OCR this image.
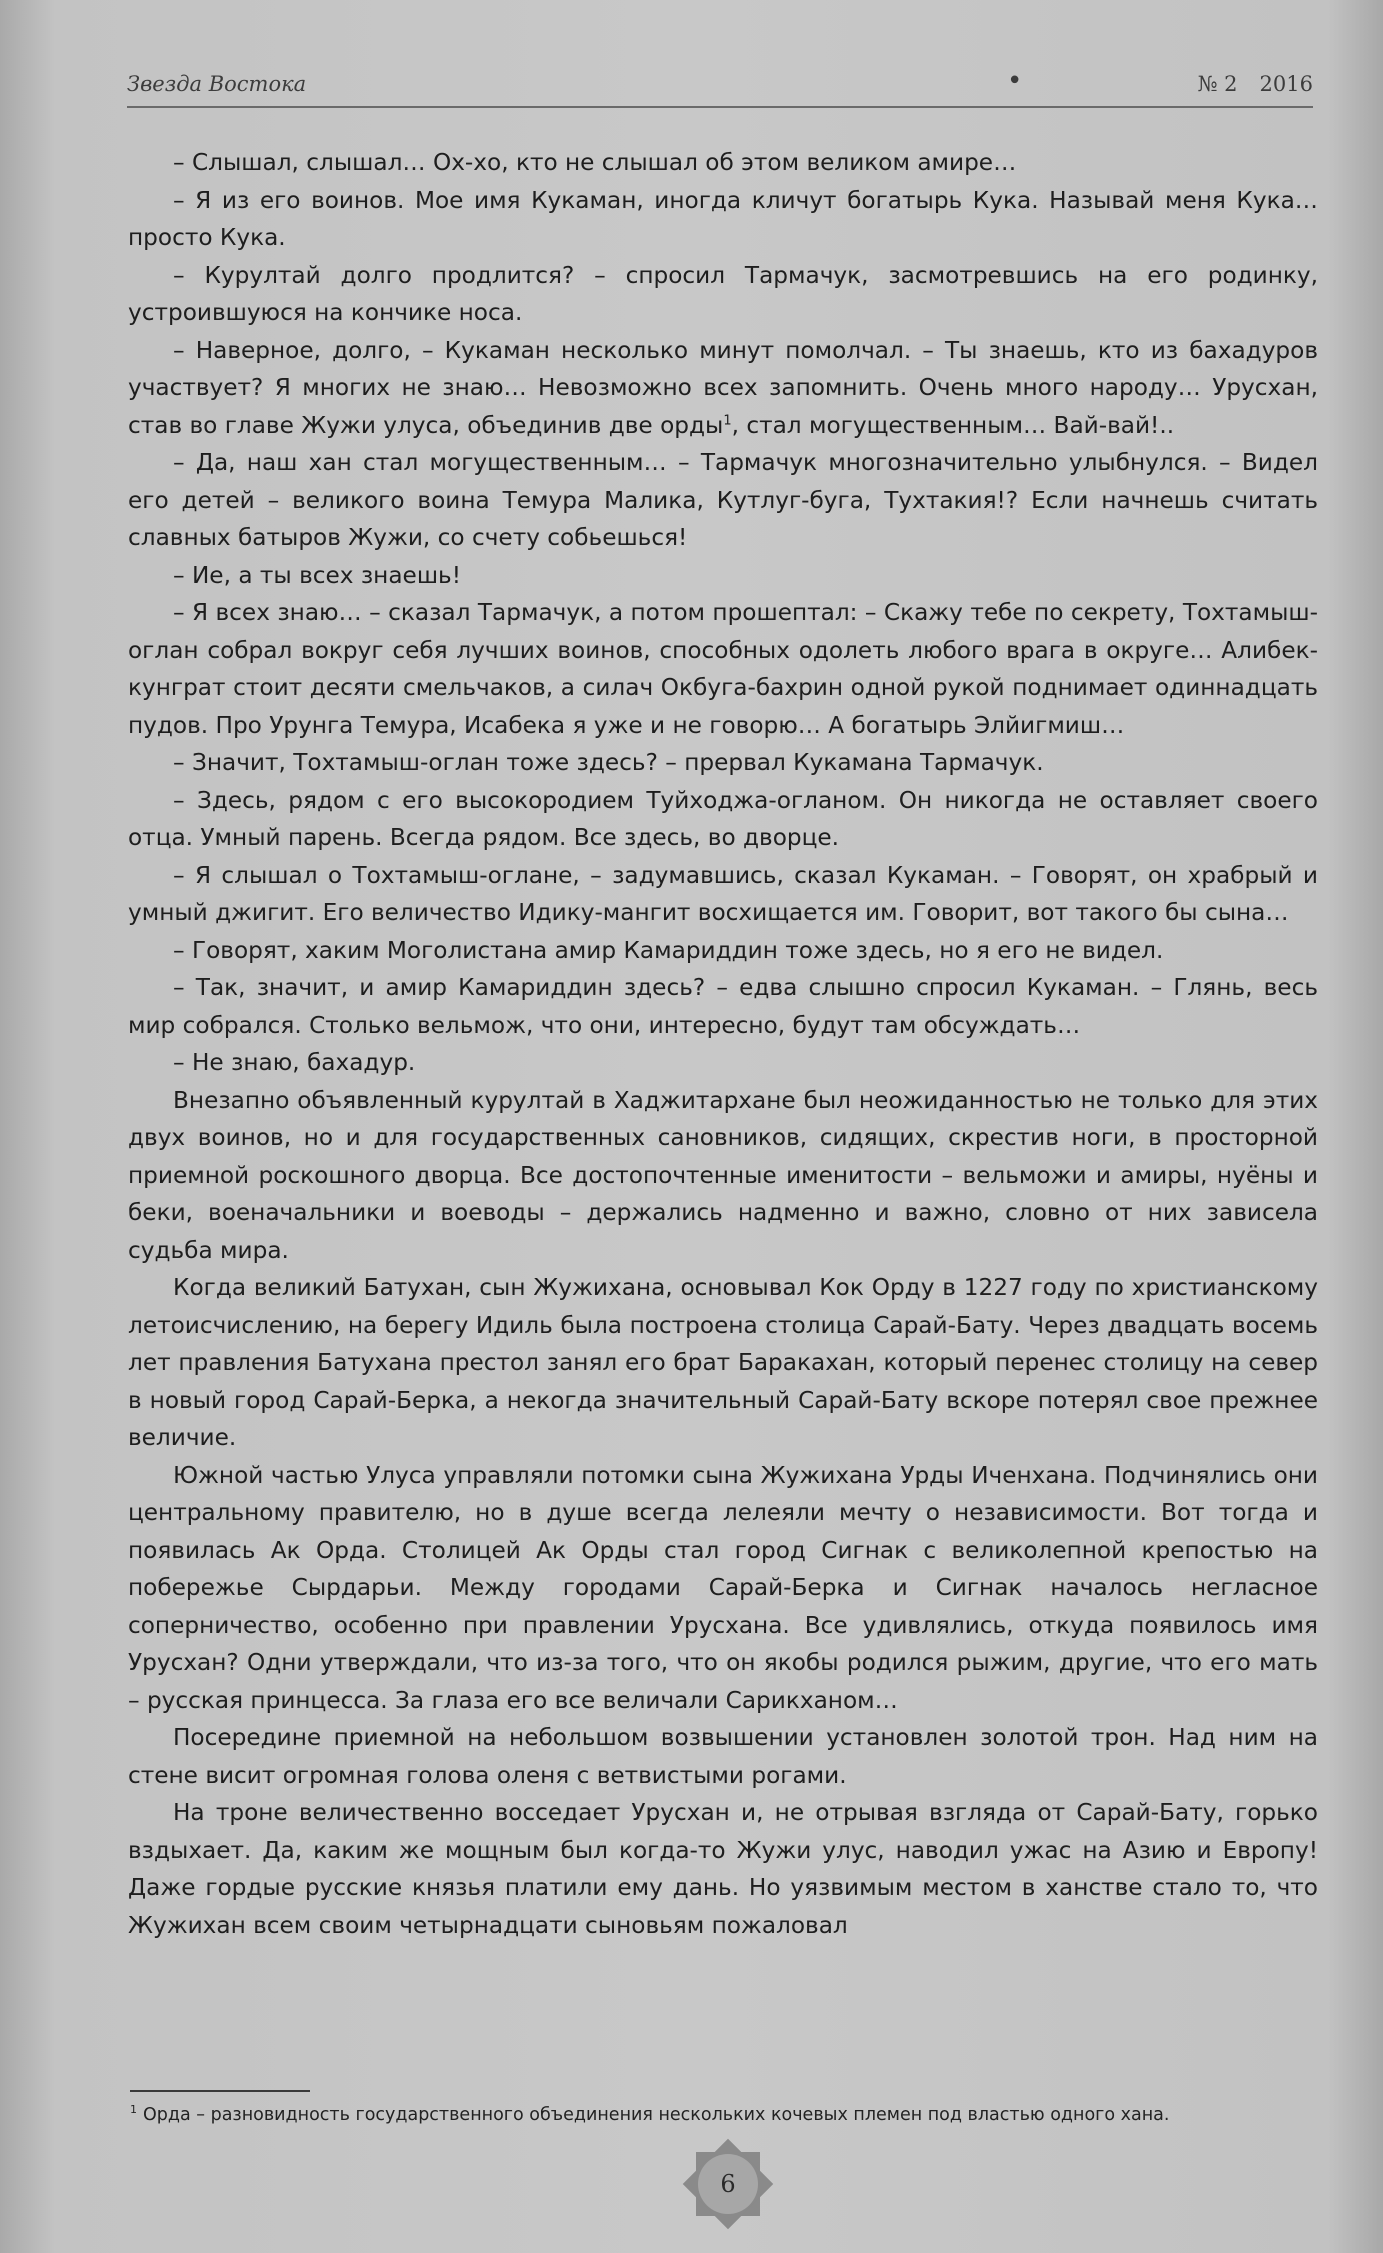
Звезда Востока	•	№ 2 2016

– Слышал, слышал… Ох-хо, кто не слышал об этом великом амире…

– Я из его воинов. Мое имя Кукаман, иногда кличут богатырь Кука. Называй меня Кука… просто Кука.

– Курултай долго продлится? – спросил Тармачук, засмотревшись на его родинку, устроившуюся на кончике носа.

– Наверное, долго, – Кукаман несколько минут помолчал. – Ты знаешь, кто из бахадуров участвует? Я многих не знаю… Невозможно всех запомнить. Очень много народу… Урусхан, став во главе Жужи улуса, объединив две орды$^1$, стал могущественным… Вай-вай!..

– Да, наш хан стал могущественным… – Тармачук многозначительно улыбнулся. – Видел его детей – великого воина Темура Малика, Кутлуг-буга, Тухтакия!? Если начнешь считать славных батыров Жужи, со счету собьешься!

– Ие, а ты всех знаешь!

– Я всех знаю… – сказал Тармачук, а потом прошептал: – Скажу тебе по секрету, Тохтамыш-оглан собрал вокруг себя лучших воинов, способных одолеть любого врага в округе… Алибек-кунграт стоит десяти смельчаков, а силач Окбуга-бахрин одной рукой поднимает одиннадцать пудов. Про Урунга Темура, Исабека я уже и не говорю… А богатырь Элйигмиш…

– Значит, Тохтамыш-оглан тоже здесь? – прервал Кукамана Тармачук.

– Здесь, рядом с его высокородием Туйходжа-огланом. Он никогда не оставляет своего отца. Умный парень. Всегда рядом. Все здесь, во дворце.

– Я слышал о Тохтамыш-оглане, – задумавшись, сказал Кукаман. – Говорят, он храбрый и умный джигит. Его величество Идику-мангит восхищается им. Говорит, вот такого бы сына…

– Говорят, хаким Моголистана амир Камариддин тоже здесь, но я его не видел.

– Так, значит, и амир Камариддин здесь? – едва слышно спросил Кукаман. – Глянь, весь мир собрался. Столько вельмож, что они, интересно, будут там обсуждать…

– Не знаю, бахадур.

Внезапно объявленный курултай в Хаджитархане был неожиданностью не только для этих двух воинов, но и для государственных сановников, сидящих, скрестив ноги, в просторной приемной роскошного дворца. Все достопочтенные именитости – вельможи и амиры, нуёны и беки, военачальники и воеводы – держались надменно и важно, словно от них зависела судьба мира.

Когда великий Батухан, сын Жужихана, основывал Кок Орду в 1227 году по христианскому летоисчислению, на берегу Идиль была построена столица Сарай-Бату. Через двадцать восемь лет правления Батухана престол занял его брат Баракахан, который перенес столицу на север в новый город Сарай-Берка, а некогда значительный Сарай-Бату вскоре потерял свое прежнее величие.

Южной частью Улуса управляли потомки сына Жужихана Урды Иченхана. Подчинялись они центральному правителю, но в душе всегда лелеяли мечту о независимости. Вот тогда и появилась Ак Орда. Столицей Ак Орды стал город Сигнак с великолепной крепостью на побережье Сырдарьи. Между городами Сарай-Берка и Сигнак началось негласное соперничество, особенно при правлении Урусхана. Все удивлялись, откуда появилось имя Урусхан? Одни утверждали, что из-за того, что он якобы родился рыжим, другие, что его мать – русская принцесса. За глаза его все величали Сарикханом…

Посередине приемной на небольшом возвышении установлен золотой трон. Над ним на стене висит огромная голова оленя с ветвистыми рогами.

На троне величественно восседает Урусхан и, не отрывая взгляда от Сарай-Бату, горько вздыхает. Да, каким же мощным был когда-то Жужи улус, наводил ужас на Азию и Европу! Даже гордые русские князья платили ему дань. Но уязвимым местом в ханстве стало то, что Жужихан всем своим четырнадцати сыновьям пожаловал

$^1$ Орда – разновидность государственного объединения нескольких кочевых племен под властью одного хана.
6
